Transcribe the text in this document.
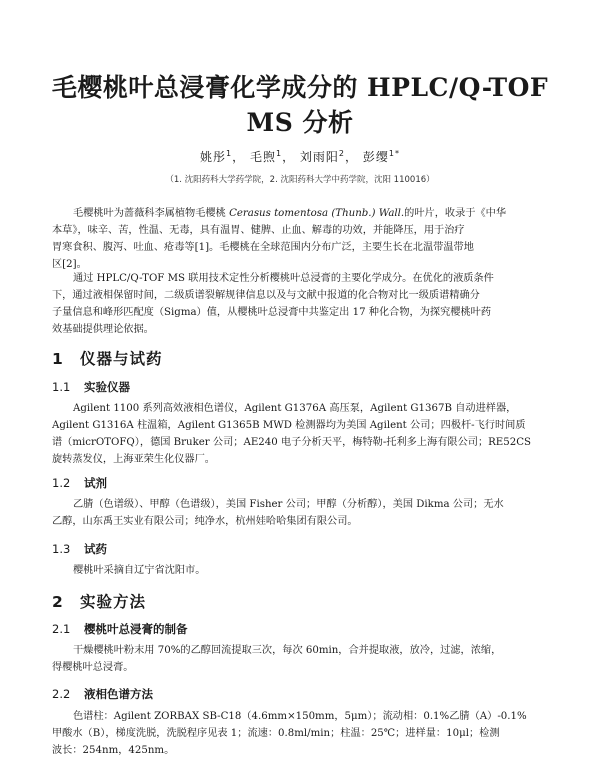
毛樱桃叶总浸膏化学成分的 HPLC/Q-TOF
MS 分析
姚彤$^1$， 毛煦$^1$， 刘雨阳$^2$， 彭缨$^{1*}$
（1. 沈阳药科大学药学院，2. 沈阳药科大学中药学院，沈阳 110016）
毛樱桃叶为蔷薇科李属植物毛樱桃 Cerasus tomentosa (Thunb.) Wall.的叶片，收录于《中华
本草》，味辛、苦，性温、无毒，具有温胃、健脾、止血、解毒的功效，并能降压，用于治疗
胃寒食积、腹泻、吐血、疮毒等[1]。毛樱桃在全球范围内分布广泛，主要生长在北温带温带地
区[2]。
通过 HPLC/Q-TOF MS 联用技术定性分析樱桃叶总浸膏的主要化学成分。在优化的液质条件
下，通过液相保留时间，二级质谱裂解规律信息以及与文献中报道的化合物对比一级质谱精确分
子量信息和峰形匹配度（Sigma）值，从樱桃叶总浸膏中共鉴定出 17 种化合物，为探究樱桃叶药
效基础提供理论依据。
1 仪器与试药
1.1 实验仪器
Agilent 1100 系列高效液相色谱仪，Agilent G1376A 高压泵，Agilent G1367B 自动进样器，
Agilent G1316A 柱温箱，Agilent G1365B MWD 检测器均为美国 Agilent 公司；四极杆-飞行时间质
谱（micrOTOFQ），德国 Bruker 公司；AE240 电子分析天平，梅特勒-托利多上海有限公司；RE52CS
旋转蒸发仪，上海亚荣生化仪器厂。
1.2 试剂
乙腈（色谱级）、甲醇（色谱级），美国 Fisher 公司；甲醇（分析醇），美国 Dikma 公司；无水
乙醇，山东禹王实业有限公司；纯净水，杭州娃哈哈集团有限公司。
1.3 试药
樱桃叶采摘自辽宁省沈阳市。
2 实验方法
2.1 樱桃叶总浸膏的制备
干燥樱桃叶粉末用 70%的乙醇回流提取三次，每次 60min，合并提取液，放冷，过滤，浓缩，
得樱桃叶总浸膏。
2.2 液相色谱方法
色谱柱：Agilent ZORBAX SB-C18（4.6mm×150mm，5μm）；流动相：0.1%乙腈（A）-0.1%
甲酸水（B），梯度洗脱，洗脱程序见表 1；流速：0.8ml/min；柱温：25℃；进样量：10μl；检测
波长：254nm，425nm。
